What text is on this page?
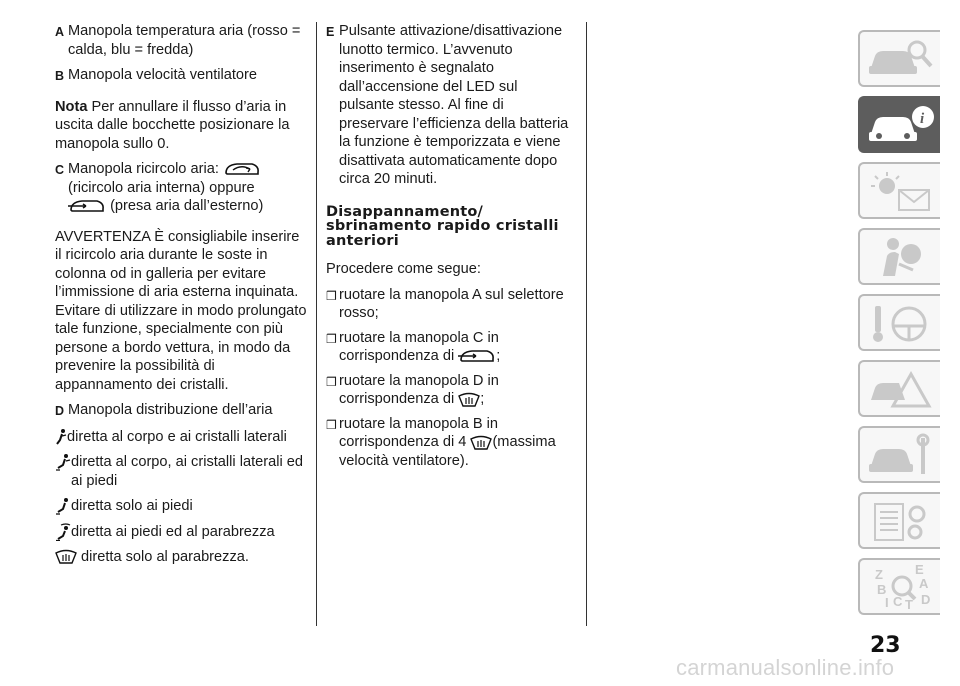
A Manopola temperatura aria (rosso = calda, blu = fredda)
B Manopola velocità ventilatore

Nota Per annullare il flusso d’aria in uscita dalle bocchette posizionare la manopola sullo 0.

C Manopola ricircolo aria:
(ricircolo aria interna) oppure
(presa aria dall’esterno)

AVVERTENZA È consigliabile inserire il ricircolo aria durante le soste in colonna od in galleria per evitare l’immissione di aria esterna inquinata. Evitare di utilizzare in modo prolungato tale funzione, specialmente con più persone a bordo vettura, in modo da prevenire la possibilità di appannamento dei cristalli.

D Manopola distribuzione dell’aria
diretta al corpo e ai cristalli laterali
diretta al corpo, ai cristalli laterali ed ai piedi
diretta solo ai piedi
diretta ai piedi ed al parabrezza
diretta solo al parabrezza.
E Pulsante attivazione/disattivazione lunotto termico. L’avvenuto inserimento è segnalato dall’accensione del LED sul pulsante stesso. Al fine di preservare l’efficienza della batteria la funzione è temporizzata e viene disattivata automaticamente dopo circa 20 minuti.
Disappannamento/ sbrinamento rapido cristalli anteriori

Procedere come segue:

❒ ruotare la manopola A sul selettore rosso;
❒ ruotare la manopola C in corrispondenza di	;
❒ ruotare la manopola D in corrispondenza di ;
❒ ruotare la manopola B in corrispondenza di 4 (massima velocità ventilatore).
i
Z E
A
B
I C T D
23
carmanualsonline.info
